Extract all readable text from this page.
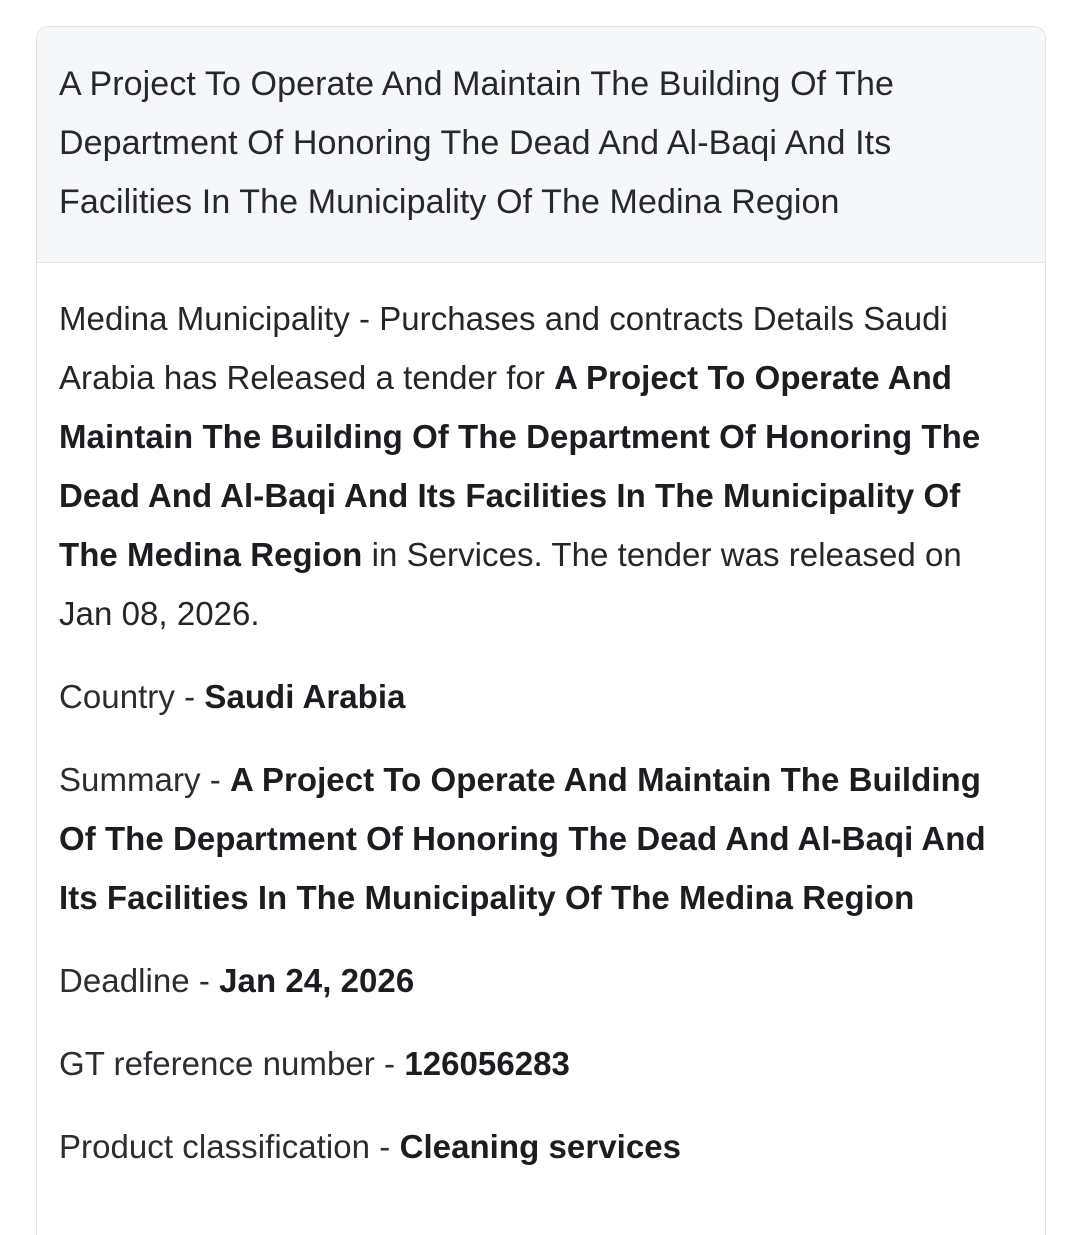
A Project To Operate And Maintain The Building Of The Department Of Honoring The Dead And Al-Baqi And Its Facilities In The Municipality Of The Medina Region

Medina Municipality - Purchases and contracts Details Saudi Arabia has Released a tender for A Project To Operate And Maintain The Building Of The Department Of Honoring The Dead And Al-Baqi And Its Facilities In The Municipality Of The Medina Region in Services. The tender was released on Jan 08, 2026.

Country - Saudi Arabia

Summary - A Project To Operate And Maintain The Building Of The Department Of Honoring The Dead And Al-Baqi And Its Facilities In The Municipality Of The Medina Region

Deadline - Jan 24, 2026

GT reference number - 126056283

Product classification - Cleaning services
